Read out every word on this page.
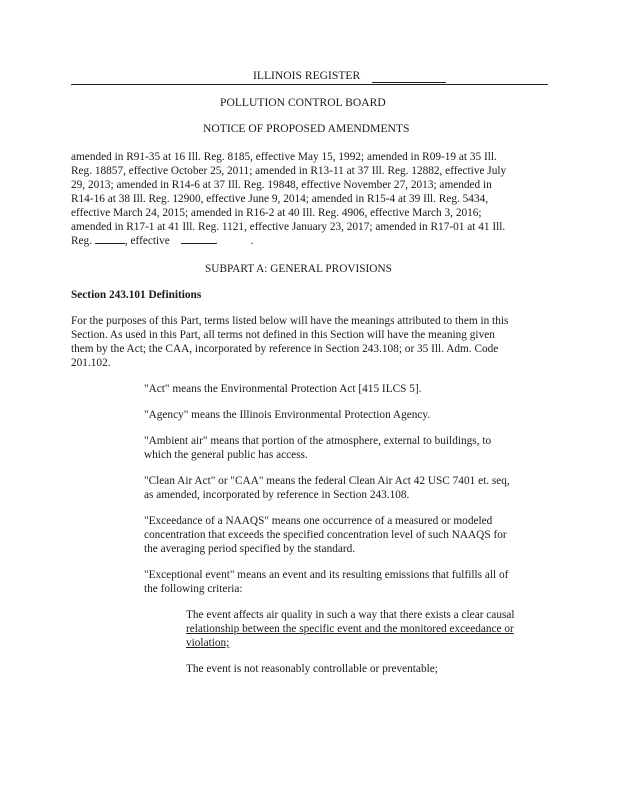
ILLINOIS REGISTER
POLLUTION CONTROL BOARD
NOTICE OF PROPOSED AMENDMENTS
amended in R91-35 at 16 Ill. Reg. 8185, effective May 15, 1992; amended in R09-19 at 35 Ill.
Reg. 18857, effective October 25, 2011; amended in R13-11 at 37 Ill. Reg. 12882, effective July
29, 2013; amended in R14-6 at 37 Ill. Reg. 19848, effective November 27, 2013; amended in
R14-16 at 38 Ill. Reg. 12900, effective June 9, 2014; amended in R15-4 at 39 Ill. Reg. 5434,
effective March 24, 2015; amended in R16-2 at 40 Ill. Reg. 4906, effective March 3, 2016;
amended in R17-1 at 41 Ill. Reg. 1121, effective January 23, 2017; amended in R17-01 at 41 Ill.
Reg.	, effective	.
SUBPART A: GENERAL PROVISIONS
Section 243.101 Definitions
For the purposes of this Part, terms listed below will have the meanings attributed to them in this
Section. As used in this Part, all terms not defined in this Section will have the meaning given
them by the Act; the CAA, incorporated by reference in Section 243.108; or 35 Ill. Adm. Code
201.102.
"Act" means the Environmental Protection Act [415 ILCS 5].
"Agency" means the Illinois Environmental Protection Agency.
"Ambient air" means that portion of the atmosphere, external to buildings, to
which the general public has access.
"Clean Air Act" or "CAA" means the federal Clean Air Act 42 USC 7401 et. seq,
as amended, incorporated by reference in Section 243.108.
"Exceedance of a NAAQS" means one occurrence of a measured or modeled
concentration that exceeds the specified concentration level of such NAAQS for
the averaging period specified by the standard.
"Exceptional event" means an event and its resulting emissions that fulfills all of
the following criteria:
The event affects air quality in such a way that there exists a clear causal
relationship between the specific event and the monitored exceedance or
violation;
The event is not reasonably controllable or preventable;
